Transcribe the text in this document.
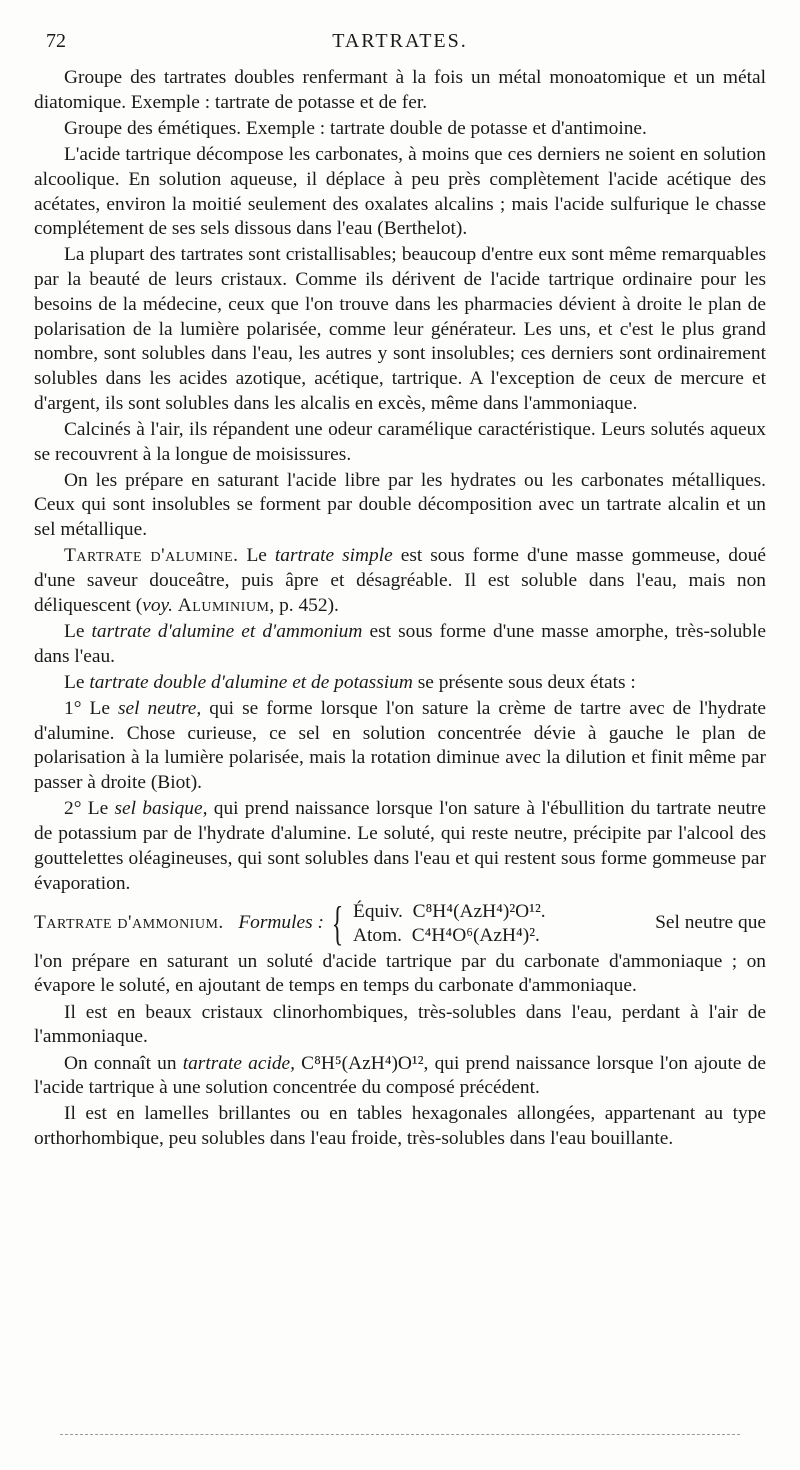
72	TARTRATES.

Groupe des tartrates doubles renfermant à la fois un métal monoatomique et un métal diatomique. Exemple : tartrate de potasse et de fer.

Groupe des émétiques. Exemple : tartrate double de potasse et d'antimoine.

L'acide tartrique décompose les carbonates, à moins que ces derniers ne soient en solution alcoolique. En solution aqueuse, il déplace à peu près complètement l'acide acétique des acétates, environ la moitié seulement des oxalates alcalins ; mais l'acide sulfurique le chasse complétement de ses sels dissous dans l'eau (Berthelot).

La plupart des tartrates sont cristallisables; beaucoup d'entre eux sont même remarquables par la beauté de leurs cristaux. Comme ils dérivent de l'acide tartrique ordinaire pour les besoins de la médecine, ceux que l'on trouve dans les pharmacies dévient à droite le plan de polarisation de la lumière polarisée, comme leur générateur. Les uns, et c'est le plus grand nombre, sont solubles dans l'eau, les autres y sont insolubles; ces derniers sont ordinairement solubles dans les acides azotique, acétique, tartrique. A l'exception de ceux de mercure et d'argent, ils sont solubles dans les alcalis en excès, même dans l'ammoniaque.

Calcinés à l'air, ils répandent une odeur caramélique caractéristique. Leurs solutés aqueux se recouvrent à la longue de moisissures.

On les prépare en saturant l'acide libre par les hydrates ou les carbonates métalliques. Ceux qui sont insolubles se forment par double décomposition avec un tartrate alcalin et un sel métallique.

Tartrate d'alumine. Le tartrate simple est sous forme d'une masse gommeuse, doué d'une saveur douceâtre, puis âpre et désagréable. Il est soluble dans l'eau, mais non déliquescent (voy. Aluminium, p. 452).

Le tartrate d'alumine et d'ammonium est sous forme d'une masse amorphe, très-soluble dans l'eau.

Le tartrate double d'alumine et de potassium se présente sous deux états :

1° Le sel neutre, qui se forme lorsque l'on sature la crème de tartre avec de l'hydrate d'alumine. Chose curieuse, ce sel en solution concentrée dévie à gauche le plan de polarisation à la lumière polarisée, mais la rotation diminue avec la dilution et finit même par passer à droite (Biot).

2° Le sel basique, qui prend naissance lorsque l'on sature à l'ébullition du tartrate neutre de potassium par de l'hydrate d'alumine. Le soluté, qui reste neutre, précipite par l'alcool des gouttelettes oléagineuses, qui sont solubles dans l'eau et qui restent sous forme gommeuse par évaporation.

Tartrate d'ammonium. Formules : { Équiv. C⁸H⁴(AzH⁴)²O¹².
Atom. C⁴H⁴O⁶(AzH⁴)².
Sel neutre que

l'on prépare en saturant un soluté d'acide tartrique par du carbonate d'ammoniaque ; on évapore le soluté, en ajoutant de temps en temps du carbonate d'ammoniaque.

Il est en beaux cristaux clinorhombiques, très-solubles dans l'eau, perdant à l'air de l'ammoniaque.

On connaît un tartrate acide, C⁸H⁵(AzH⁴)O¹², qui prend naissance lorsque l'on ajoute de l'acide tartrique à une solution concentrée du composé précédent.

Il est en lamelles brillantes ou en tables hexagonales allongées, appartenant au type orthorhombique, peu solubles dans l'eau froide, très-solubles dans l'eau bouillante.
